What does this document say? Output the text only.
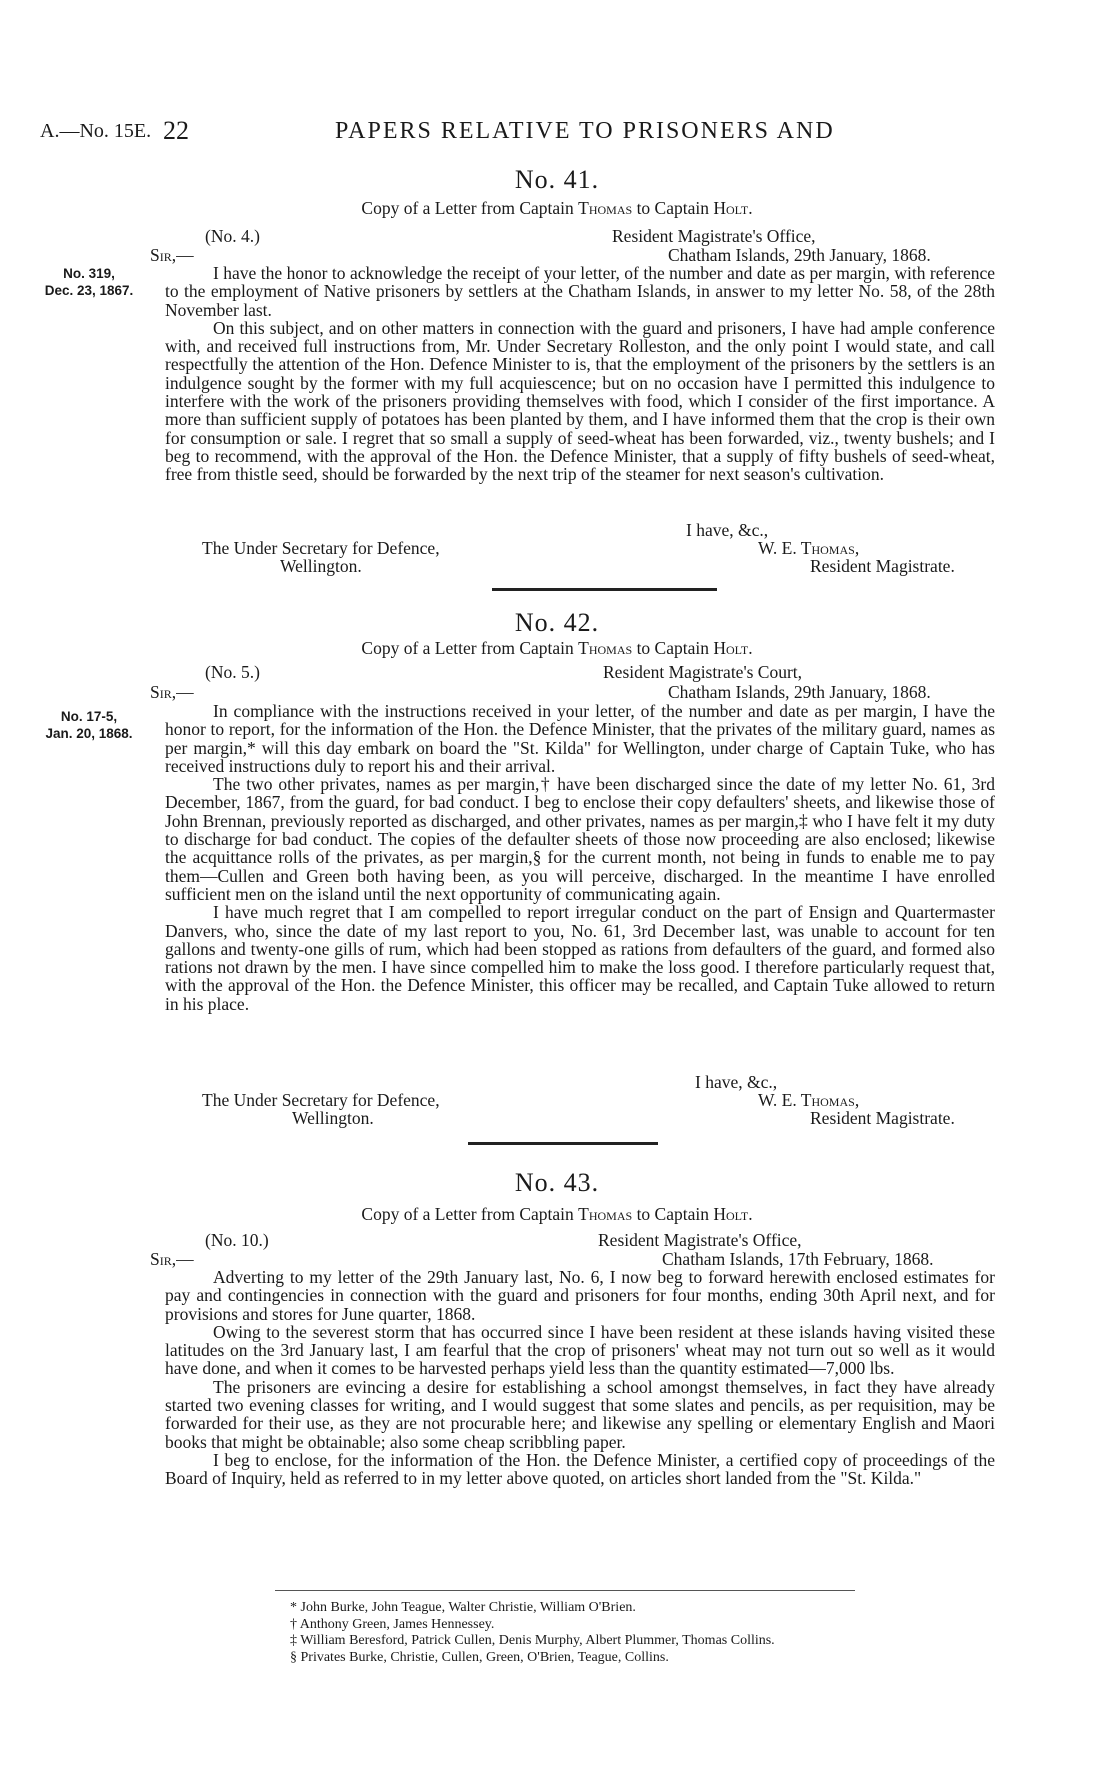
A.—No. 15E. 22	PAPERS RELATIVE TO PRISONERS AND
No. 41.
Copy of a Letter from Captain Thomas to Captain Holt.
(No. 4.)	Resident Magistrate's Office,
Sir,—	Chatham Islands, 29th January, 1868.
No. 319,
Dec. 23, 1867.

I have the honor to acknowledge the receipt of your letter, of the number and date as per margin, with reference to the employment of Native prisoners by settlers at the Chatham Islands, in answer to my letter No. 58, of the 28th November last.

On this subject, and on other matters in connection with the guard and prisoners, I have had ample conference with, and received full instructions from, Mr. Under Secretary Rolleston, and the only point I would state, and call respectfully the attention of the Hon. Defence Minister to is, that the employment of the prisoners by the settlers is an indulgence sought by the former with my full acquiescence; but on no occasion have I permitted this indulgence to interfere with the work of the prisoners providing themselves with food, which I consider of the first importance. A more than sufficient supply of potatoes has been planted by them, and I have informed them that the crop is their own for consumption or sale. I regret that so small a supply of seed-wheat has been forwarded, viz., twenty bushels; and I beg to recommend, with the approval of the Hon. the Defence Minister, that a supply of fifty bushels of seed-wheat, free from thistle seed, should be forwarded by the next trip of the steamer for next season's cultivation.

I have, &c.,
The Under Secretary for Defence,
Wellington.
W. E. Thomas,
Resident Magistrate.
No. 42.
Copy of a Letter from Captain Thomas to Captain Holt.
(No. 5.)	Resident Magistrate's Court,
Sir,—	Chatham Islands, 29th January, 1868.
No. 17-5,
Jan. 20, 1868.

In compliance with the instructions received in your letter, of the number and date as per margin, I have the honor to report, for the information of the Hon. the Defence Minister, that the privates of the military guard, names as per margin,* will this day embark on board the "St. Kilda" for Wellington, under charge of Captain Tuke, who has received instructions duly to report his and their arrival.

The two other privates, names as per margin,† have been discharged since the date of my letter No. 61, 3rd December, 1867, from the guard, for bad conduct. I beg to enclose their copy defaulters' sheets, and likewise those of John Brennan, previously reported as discharged, and other privates, names as per margin,‡ who I have felt it my duty to discharge for bad conduct. The copies of the defaulter sheets of those now proceeding are also enclosed; likewise the acquittance rolls of the privates, as per margin,§ for the current month, not being in funds to enable me to pay them—Cullen and Green both having been, as you will perceive, discharged. In the meantime I have enrolled sufficient men on the island until the next opportunity of communicating again.

I have much regret that I am compelled to report irregular conduct on the part of Ensign and Quartermaster Danvers, who, since the date of my last report to you, No. 61, 3rd December last, was unable to account for ten gallons and twenty-one gills of rum, which had been stopped as rations from defaulters of the guard, and formed also rations not drawn by the men. I have since compelled him to make the loss good. I therefore particularly request that, with the approval of the Hon. the Defence Minister, this officer may be recalled, and Captain Tuke allowed to return in his place.

I have, &c.,
The Under Secretary for Defence,
Wellington.
W. E. Thomas,
Resident Magistrate.
No. 43.
Copy of a Letter from Captain Thomas to Captain Holt.
(No. 10.)	Resident Magistrate's Office,
Sir,—	Chatham Islands, 17th February, 1868.

Adverting to my letter of the 29th January last, No. 6, I now beg to forward herewith enclosed estimates for pay and contingencies in connection with the guard and prisoners for four months, ending 30th April next, and for provisions and stores for June quarter, 1868.

Owing to the severest storm that has occurred since I have been resident at these islands having visited these latitudes on the 3rd January last, I am fearful that the crop of prisoners' wheat may not turn out so well as it would have done, and when it comes to be harvested perhaps yield less than the quantity estimated—7,000 lbs.

The prisoners are evincing a desire for establishing a school amongst themselves, in fact they have already started two evening classes for writing, and I would suggest that some slates and pencils, as per requisition, may be forwarded for their use, as they are not procurable here; and likewise any spelling or elementary English and Maori books that might be obtainable; also some cheap scribbling paper.

I beg to enclose, for the information of the Hon. the Defence Minister, a certified copy of proceedings of the Board of Inquiry, held as referred to in my letter above quoted, on articles short landed from the "St. Kilda."

* John Burke, John Teague, Walter Christie, William O'Brien.
† Anthony Green, James Hennessey.
‡ William Beresford, Patrick Cullen, Denis Murphy, Albert Plummer, Thomas Collins.
§ Privates Burke, Christie, Cullen, Green, O'Brien, Teague, Collins.
